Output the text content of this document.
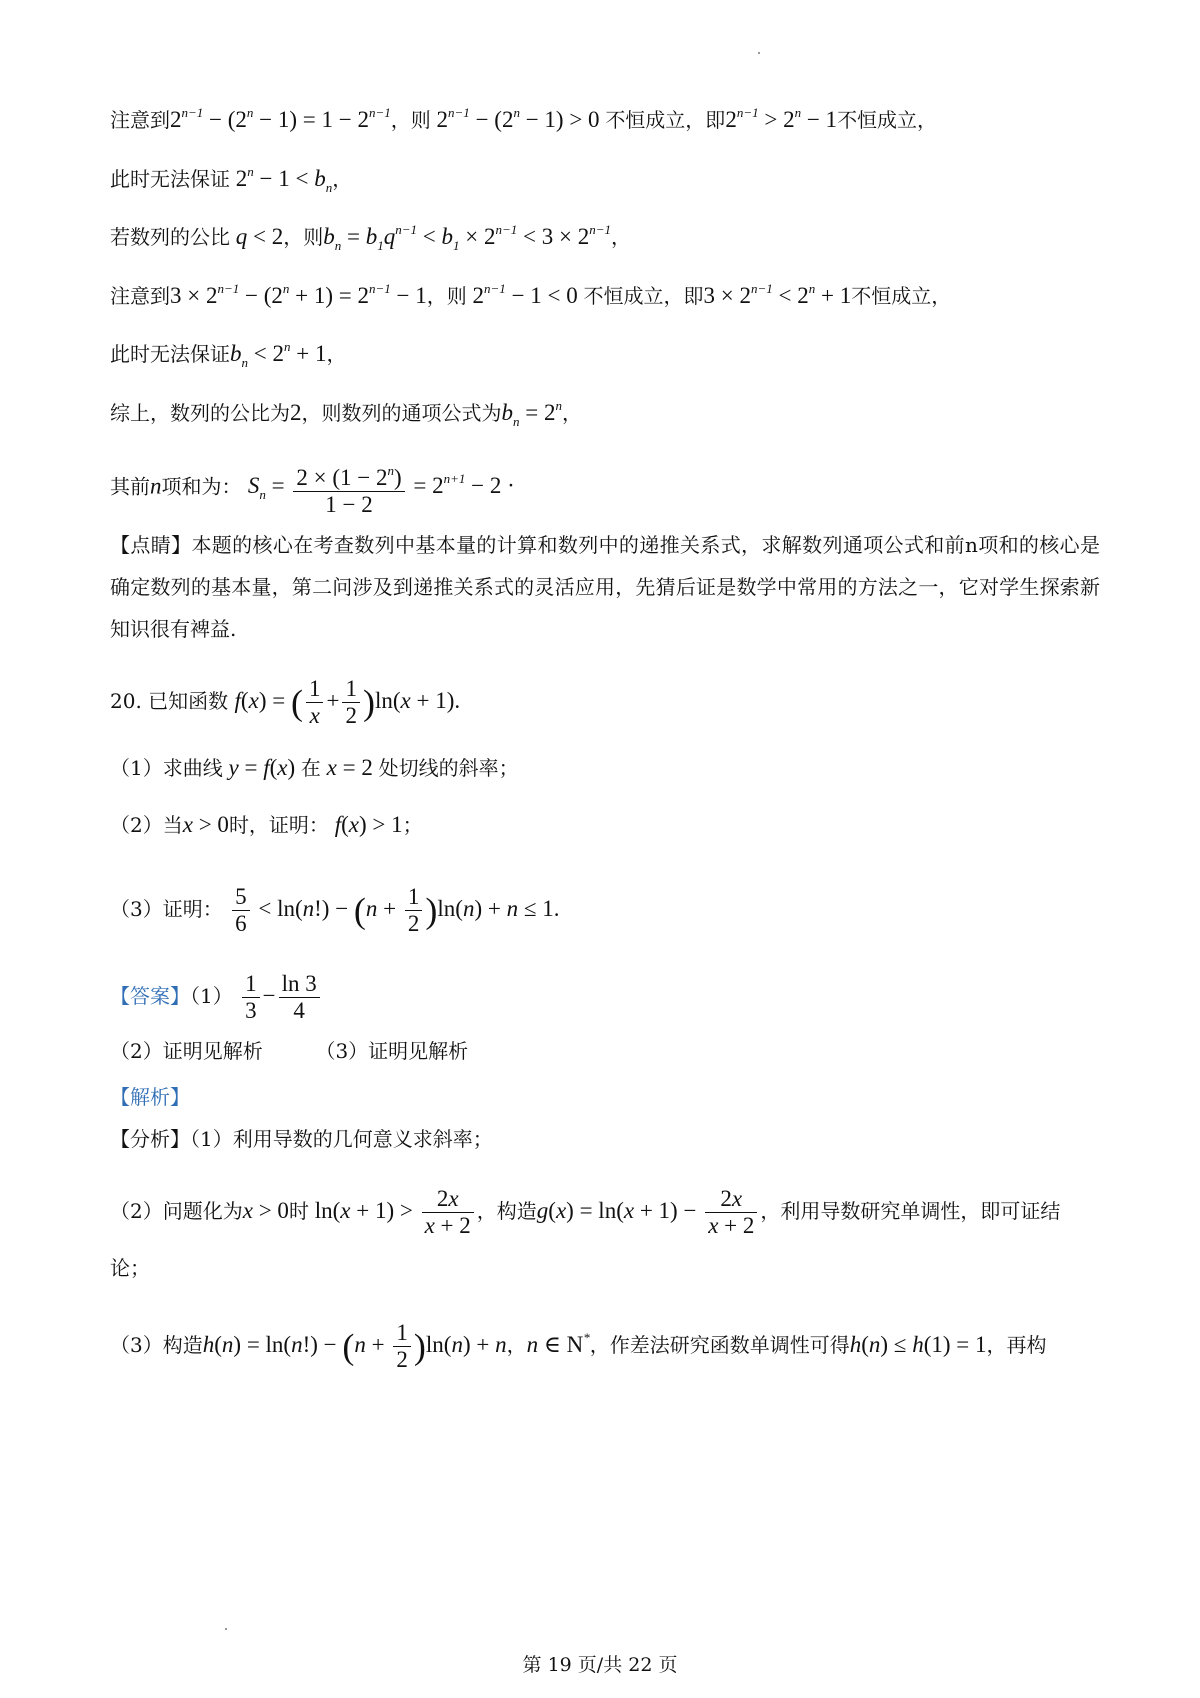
注意到$2^{n-1} - (2^n - 1) = 1 - 2^{n-1}$，则 $2^{n-1} - (2^n - 1) > 0$ 不恒成立，即$2^{n-1} > 2^n - 1$不恒成立，
此时无法保证 $2^n - 1 < b_n$，
若数列的公比 q < 2，则$b_n = b_1q^{n-1} < b_1 \times 2^{n-1} < 3 \times 2^{n-1}$，
注意到$3 \times 2^{n-1} - (2^n + 1) = 2^{n-1} - 1$，则 $2^{n-1} - 1 < 0$ 不恒成立，即$3 \times 2^{n-1} < 2^n + 1$不恒成立，
此时无法保证$b_n < 2^n + 1$，
综上，数列的公比为2，则数列的通项公式为$b_n = 2^n$，
其前n项和为： $S_n = \frac{2 \times (1 - 2^n)}{1 - 2} = 2^{n+1} - 2$ ·
【点睛】本题的核心在考查数列中基本量的计算和数列中的递推关系式，求解数列通项公式和前n项和的核心是确定数列的基本量，第二问涉及到递推关系式的灵活应用，先猜后证是数学中常用的方法之一，它对学生探索新知识很有裨益.
20. 已知函数 f(x) = ( $\frac{1}{x} + \frac{1}{2} )\ln(x + 1)$.
（1）求曲线 y = f(x) 在 x = 2 处切线的斜率；
（2）当x > 0时，证明： f(x) > 1；
（3）证明： $\frac{5}{6} < \ln(n!) - (n + \frac{1}{2} )\ln(n) + n \le 1$.
【答案】$(1) \frac{1}{3} - \frac{\ln 3}{4}$
（2）证明见解析	（3）证明见解析
【解析】
【分析】（1）利用导数的几何意义求斜率；
（2）问题化为x > 0时 $\ln(x + 1) > \frac{2x}{x + 2}$ ，构造$g(x) = \ln(x + 1) - \frac{2x}{x + 2}$ ，利用导数研究单调性，即可证结
论；
（3）构造$h(n) = \ln(n!) - (n + \frac{1}{2} )\ln(n) + n$，n ∈ N*，作差法研究函数单调性可得h(n) ≤ h(1) = 1，再构
第 19 页/共 22 页
